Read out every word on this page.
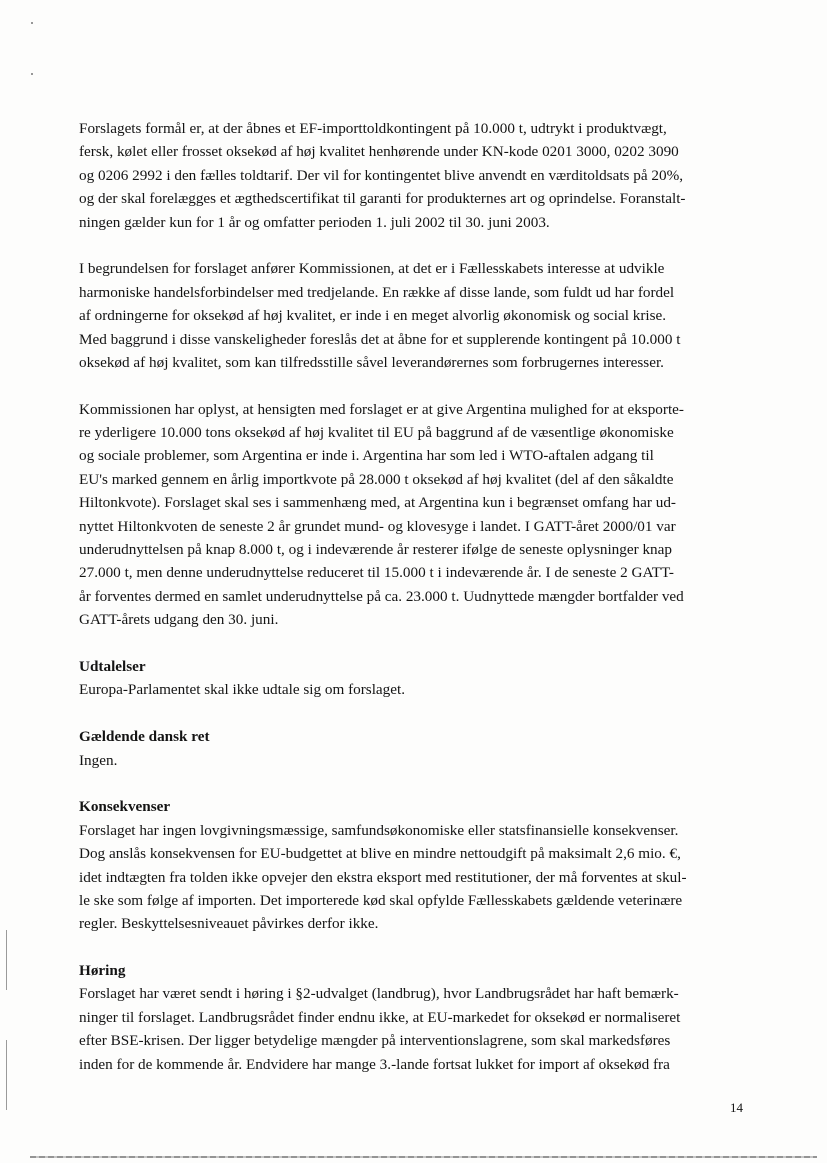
Forslagets formål er, at der åbnes et EF-importtoldkontingent på 10.000 t, udtrykt i produktvægt,
fersk, kølet eller frosset oksekød af høj kvalitet henhørende under KN-kode 0201 3000, 0202 3090
og 0206 2992 i den fælles toldtarif. Der vil for kontingentet blive anvendt en værditoldsats på 20%,
og der skal forelægges et ægthedscertifikat til garanti for produkternes art og oprindelse. Foranstalt-
ningen gælder kun for 1 år og omfatter perioden 1. juli 2002 til 30. juni 2003.
I begrundelsen for forslaget anfører Kommissionen, at det er i Fællesskabets interesse at udvikle
harmoniske handelsforbindelser med tredjelande. En række af disse lande, som fuldt ud har fordel
af ordningerne for oksekød af høj kvalitet, er inde i en meget alvorlig økonomisk og social krise.
Med baggrund i disse vanskeligheder foreslås det at åbne for et supplerende kontingent på 10.000 t
oksekød af høj kvalitet, som kan tilfredsstille såvel leverandørernes som forbrugernes interesser.
Kommissionen har oplyst, at hensigten med forslaget er at give Argentina mulighed for at eksporte-
re yderligere 10.000 tons oksekød af høj kvalitet til EU på baggrund af de væsentlige økonomiske
og sociale problemer, som Argentina er inde i. Argentina har som led i WTO-aftalen adgang til
EU's marked gennem en årlig importkvote på 28.000 t oksekød af høj kvalitet (del af den såkaldte
Hiltonkvote). Forslaget skal ses i sammenhæng med, at Argentina kun i begrænset omfang har ud-
nyttet Hiltonkvoten de seneste 2 år grundet mund- og klovesyge i landet. I GATT-året 2000/01 var
underudnyttelsen på knap 8.000 t, og i indeværende år resterer ifølge de seneste oplysninger knap
27.000 t, men denne underudnyttelse reduceret til 15.000 t i indeværende år. I de seneste 2 GATT-
år forventes dermed en samlet underudnyttelse på ca. 23.000 t. Uudnyttede mængder bortfalder ved
GATT-årets udgang den 30. juni.
Udtalelser
Europa-Parlamentet skal ikke udtale sig om forslaget.
Gældende dansk ret
Ingen.
Konsekvenser
Forslaget har ingen lovgivningsmæssige, samfundsøkonomiske eller statsfinansielle konsekvenser.
Dog anslås konsekvensen for EU-budgettet at blive en mindre nettoudgift på maksimalt 2,6 mio. €,
idet indtægten fra tolden ikke opvejer den ekstra eksport med restitutioner, der må forventes at skul-
le ske som følge af importen. Det importerede kød skal opfylde Fællesskabets gældende veterinære
regler. Beskyttelsesniveauet påvirkes derfor ikke.
Høring
Forslaget har været sendt i høring i §2-udvalget (landbrug), hvor Landbrugsrådet har haft bemærk-
ninger til forslaget. Landbrugsrådet finder endnu ikke, at EU-markedet for oksekød er normaliseret
efter BSE-krisen. Der ligger betydelige mængder på interventionslagrene, som skal markedsføres
inden for de kommende år. Endvidere har mange 3.-lande fortsat lukket for import af oksekød fra
14
